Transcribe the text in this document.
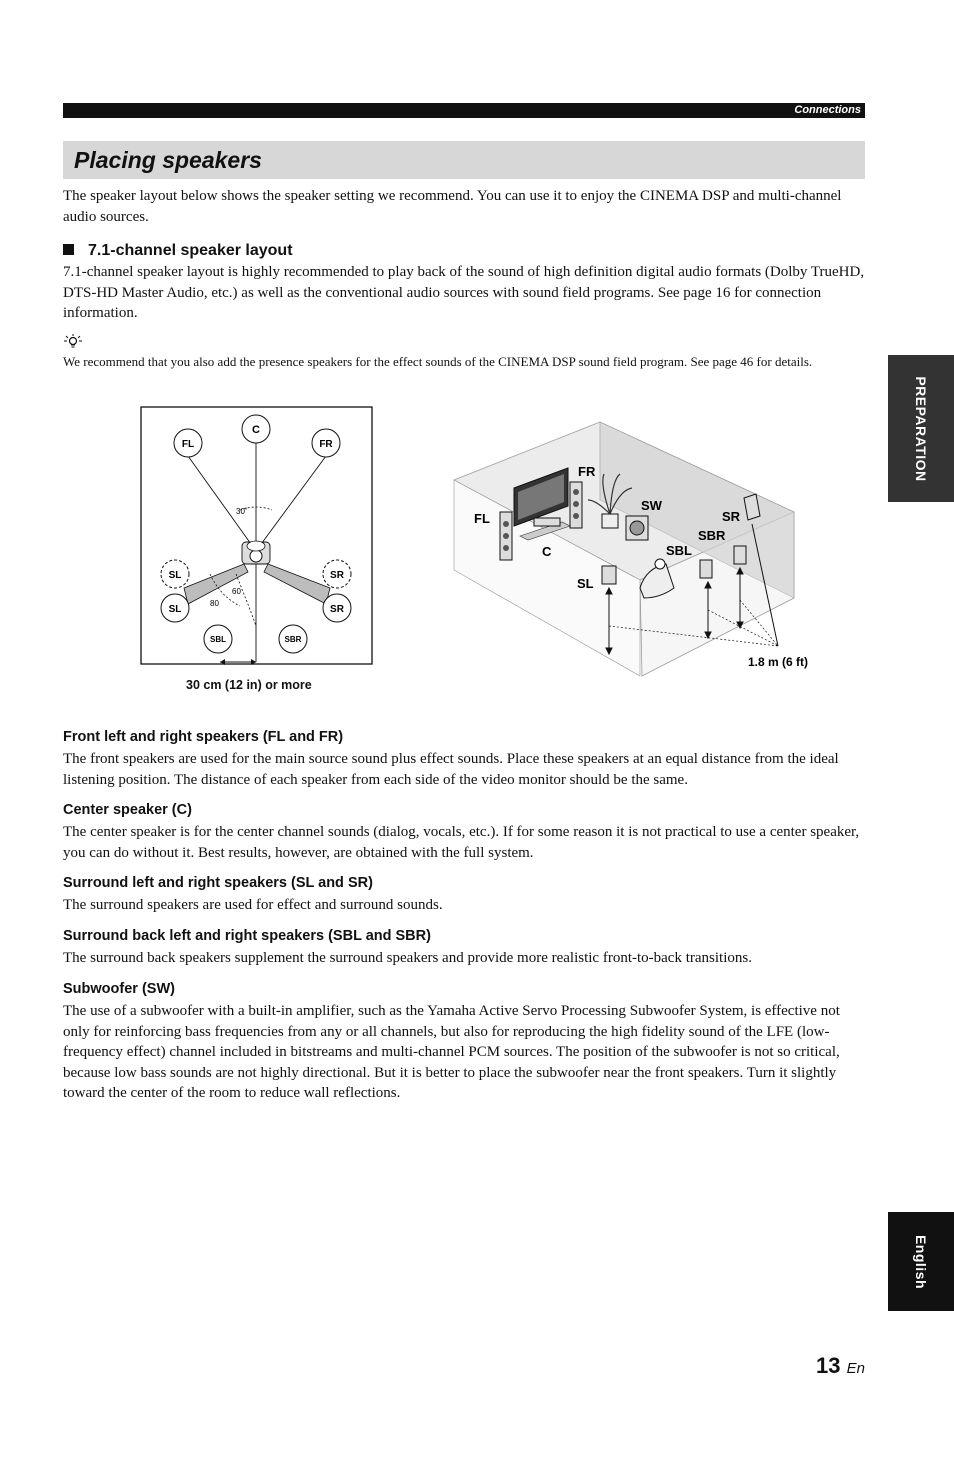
Connections
Placing speakers

The speaker layout below shows the speaker setting we recommend. You can use it to enjoy the CINEMA DSP and multi-channel audio sources.

7.1-channel speaker layout

7.1-channel speaker layout is highly recommended to play back of the sound of high definition digital audio formats (Dolby TrueHD, DTS-HD Master Audio, etc.) as well as the conventional audio sources with sound field programs. See page 16 for connection information.

We recommend that you also add the presence speakers for the effect sounds of the CINEMA DSP sound field program. See page 46 for details.

FL
C
FR
SL	SR
SL	SR
SBL	SBR
30˚
60
80
30 cm (12 in) or more
FL
FR
C
SW
SL
SR
SBR
SBL
1.8 m (6 ft)
Front left and right speakers (FL and FR)

The front speakers are used for the main source sound plus effect sounds. Place these speakers at an equal distance from the ideal listening position. The distance of each speaker from each side of the video monitor should be the same.

Center speaker (C)

The center speaker is for the center channel sounds (dialog, vocals, etc.). If for some reason it is not practical to use a center speaker, you can do without it. Best results, however, are obtained with the full system.

Surround left and right speakers (SL and SR)

The surround speakers are used for effect and surround sounds.

Surround back left and right speakers (SBL and SBR)

The surround back speakers supplement the surround speakers and provide more realistic front-to-back transitions.

Subwoofer (SW)

The use of a subwoofer with a built-in amplifier, such as the Yamaha Active Servo Processing Subwoofer System, is effective not only for reinforcing bass frequencies from any or all channels, but also for reproducing the high fidelity sound of the LFE (low-frequency effect) channel included in bitstreams and multi-channel PCM sources. The position of the subwoofer is not so critical, because low bass sounds are not highly directional. But it is better to place the subwoofer near the front speakers. Turn it slightly toward the center of the room to reduce wall reflections.

PREPARATION
English
13 En
